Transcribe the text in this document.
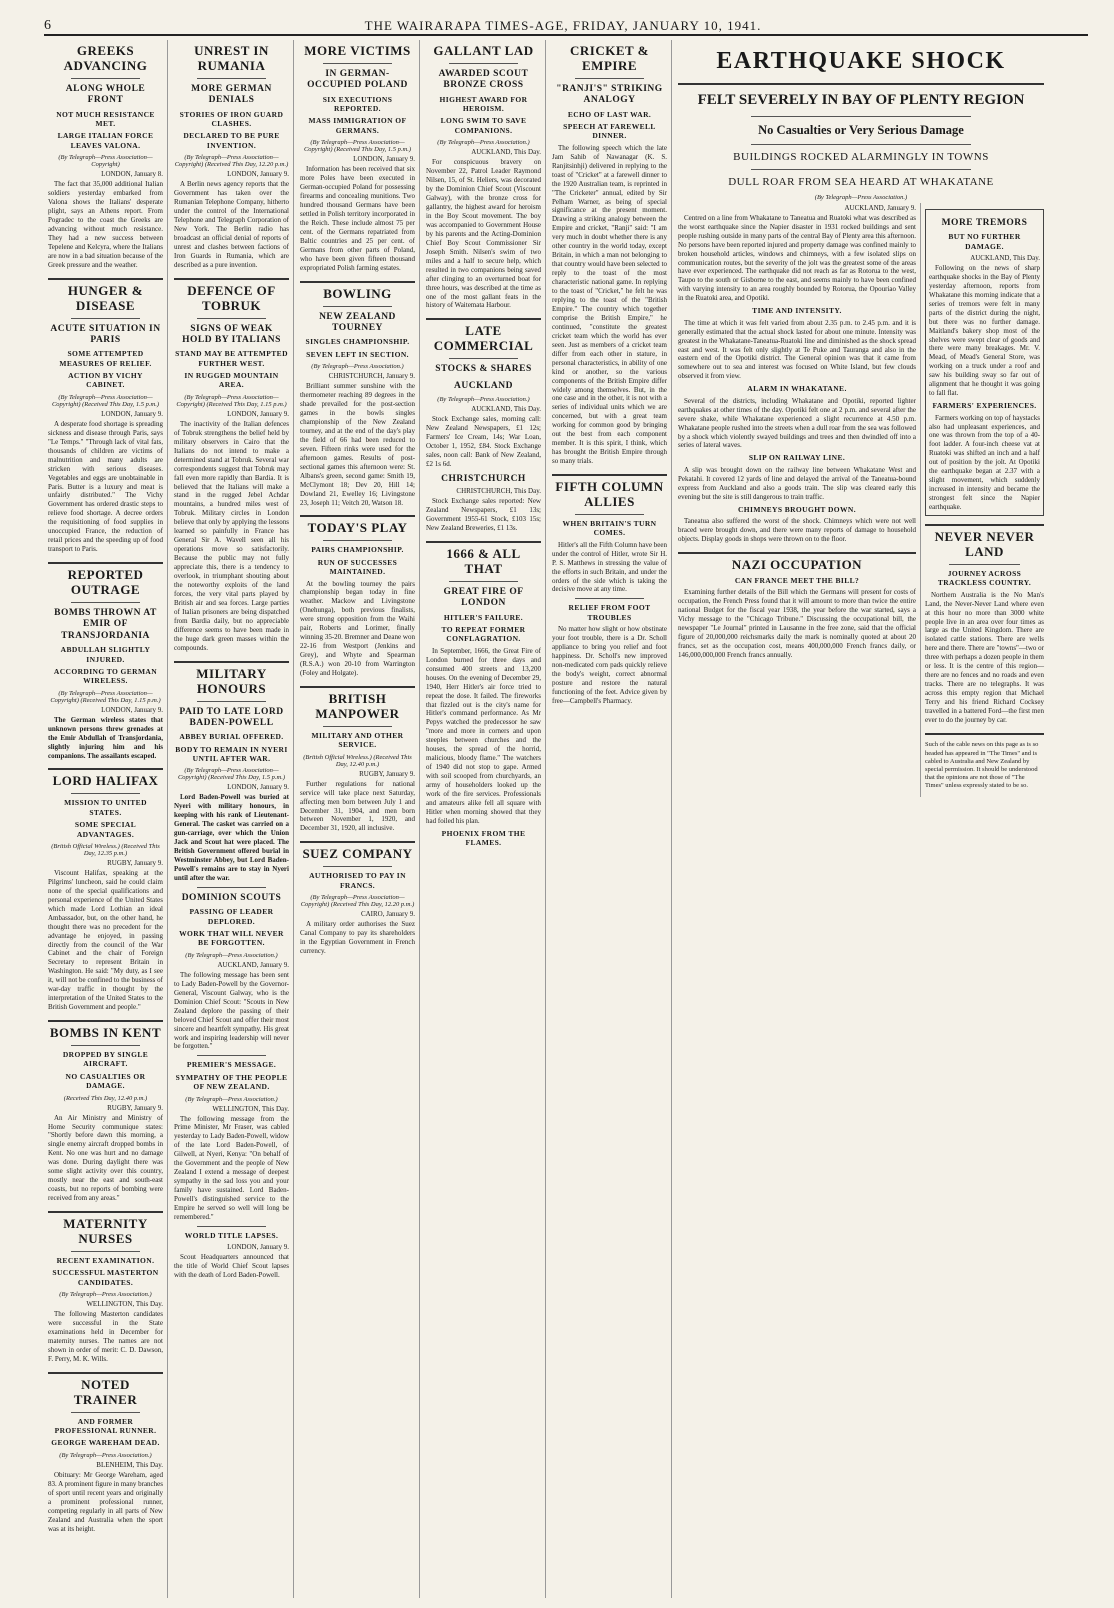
6	THE WAIRARAPA TIMES-AGE, FRIDAY, JANUARY 10, 1941.
GREEKS ADVANCING
ALONG WHOLE FRONT
NOT MUCH RESISTANCE MET.
LARGE ITALIAN FORCE LEAVES VALONA.
(By Telegraph—Press Association—Copyright)
LONDON, January 8.

The fact that 35,000 additional Italian soldiers yesterday embarked from Valona shows the Italians' desperate plight, says an Athens report. From Pogradec to the coast the Greeks are advancing without much resistance. They had a new success between Tepelene and Kelcyra, where the Italians are now in a bad situation because of the Greek pressure and the weather.

HUNGER & DISEASE
ACUTE SITUATION IN PARIS
SOME ATTEMPTED MEASURES OF RELIEF.
ACTION BY VICHY CABINET.
(By Telegraph—Press Association—Copyright) (Received This Day, 1.5 p.m.)
LONDON, January 9.

A desperate food shortage is spreading sickness and disease through Paris, says "Le Temps." "Through lack of vital fats, thousands of children are victims of malnutrition and many adults are stricken with serious diseases. Vegetables and eggs are unobtainable in Paris. Butter is a luxury and meat is unfairly distributed." The Vichy Government has ordered drastic steps to relieve food shortage. A decree orders the requisitioning of food supplies in unoccupied France, the reduction of retail prices and the speeding up of food transport to Paris.

REPORTED OUTRAGE
BOMBS THROWN AT EMIR OF TRANSJORDANIA
ABDULLAH SLIGHTLY INJURED.
ACCORDING TO GERMAN WIRELESS.
(By Telegraph—Press Association—Copyright) (Received This Day, 1.15 p.m.)
LONDON, January 9.

The German wireless states that unknown persons threw grenades at the Emir Abdullah of Transjordania, slightly injuring him and his companions. The assailants escaped.

LORD HALIFAX
MISSION TO UNITED STATES.
SOME SPECIAL ADVANTAGES.
(British Official Wireless.) (Received This Day, 12.35 p.m.)
RUGBY, January 9.

Viscount Halifax, speaking at the Pilgrims' luncheon, said he could claim none of the special qualifications and personal experience of the United States which made Lord Lothian an ideal Ambassador, but, on the other hand, he thought there was no precedent for the advantage he enjoyed, in passing directly from the council of the War Cabinet and the chair of Foreign Secretary to represent Britain in Washington. He said: "My duty, as I see it, will not be confined to the business of war-day traffic in thought by the interpretation of the United States to the British Government and people."

BOMBS IN KENT
DROPPED BY SINGLE AIRCRAFT.
NO CASUALTIES OR DAMAGE.
(Received This Day, 12.40 p.m.)
RUGBY, January 9.

An Air Ministry and Ministry of Home Security communique states: "Shortly before dawn this morning, a single enemy aircraft dropped bombs in Kent. No one was hurt and no damage was done. During daylight there was some slight activity over this country, mostly near the east and south-east coasts, but no reports of bombing were received from any areas."

MATERNITY NURSES
RECENT EXAMINATION.
SUCCESSFUL MASTERTON CANDIDATES.
(By Telegraph—Press Association.)
WELLINGTON, This Day.

The following Masterton candidates were successful in the State examinations held in December for maternity nurses. The names are not shown in order of merit: C. D. Dawson, F. Perry, M. K. Wills.

NOTED TRAINER
AND FORMER PROFESSIONAL RUNNER.
GEORGE WAREHAM DEAD.
(By Telegraph—Press Association.)
BLENHEIM, This Day.

Obituary: Mr George Wareham, aged 83. A prominent figure in many branches of sport until recent years and originally a prominent professional runner, competing regularly in all parts of New Zealand and Australia when the sport was at its height.

UNREST IN RUMANIA
MORE GERMAN DENIALS
STORIES OF IRON GUARD CLASHES.
DECLARED TO BE PURE INVENTION.
(By Telegraph—Press Association—Copyright) (Received This Day, 12.20 p.m.)
LONDON, January 9.

A Berlin news agency reports that the Government has taken over the Rumanian Telephone Company, hitherto under the control of the International Telephone and Telegraph Corporation of New York. The Berlin radio has broadcast an official denial of reports of unrest and clashes between factions of Iron Guards in Rumania, which are described as a pure invention.

DEFENCE OF TOBRUK
SIGNS OF WEAK HOLD BY ITALIANS
STAND MAY BE ATTEMPTED FURTHER WEST.
IN RUGGED MOUNTAIN AREA.
(By Telegraph—Press Association—Copyright) (Received This Day, 1.15 p.m.)
LONDON, January 9.

The inactivity of the Italian defences of Tobruk strengthens the belief held by military observers in Cairo that the Italians do not intend to make a determined stand at Tobruk. Several war correspondents suggest that Tobruk may fall even more rapidly than Bardia. It is believed that the Italians will make a stand in the rugged Jebel Achdar mountains, a hundred miles west of Tobruk. Military circles in London believe that only by applying the lessons learned so painfully in France has General Sir A. Wavell seen all his operations move so satisfactorily. Because the public may not fully appreciate this, there is a tendency to overlook, in triumphant shouting about the noteworthy exploits of the land forces, the very vital parts played by British air and sea forces. Large parties of Italian prisoners are being dispatched from Bardia daily, but no appreciable difference seems to have been made in the huge dark green masses within the compounds.

MILITARY HONOURS
PAID TO LATE LORD BADEN-POWELL
ABBEY BURIAL OFFERED.
BODY TO REMAIN IN NYERI UNTIL AFTER WAR.
(By Telegraph—Press Association—Copyright) (Received This Day, 1.5 p.m.)
LONDON, January 9.

Lord Baden-Powell was buried at Nyeri with military honours, in keeping with his rank of Lieutenant-General. The casket was carried on a gun-carriage, over which the Union Jack and Scout hat were placed. The British Government offered burial in Westminster Abbey, but Lord Baden-Powell's remains are to stay in Nyeri until after the war.

DOMINION SCOUTS
PASSING OF LEADER DEPLORED.
WORK THAT WILL NEVER BE FORGOTTEN.
(By Telegraph—Press Association.)
AUCKLAND, January 9.

The following message has been sent to Lady Baden-Powell by the Governor-General, Viscount Galway, who is the Dominion Chief Scout: "Scouts in New Zealand deplore the passing of their beloved Chief Scout and offer their most sincere and heartfelt sympathy. His great work and inspiring leadership will never be forgotten."

PREMIER'S MESSAGE.
SYMPATHY OF THE PEOPLE OF NEW ZEALAND.
(By Telegraph—Press Association.)
WELLINGTON, This Day.

The following message from the Prime Minister, Mr Fraser, was cabled yesterday to Lady Baden-Powell, widow of the late Lord Baden-Powell, of Gilwell, at Nyeri, Kenya: "On behalf of the Government and the people of New Zealand I extend a message of deepest sympathy in the sad loss you and your family have sustained. Lord Baden-Powell's distinguished service to the Empire he served so well will long be remembered."

WORLD TITLE LAPSES.
LONDON, January 9.

Scout Headquarters announced that the title of World Chief Scout lapses with the death of Lord Baden-Powell.

MORE VICTIMS
IN GERMAN-OCCUPIED POLAND
SIX EXECUTIONS REPORTED.
MASS IMMIGRATION OF GERMANS.
(By Telegraph—Press Association—Copyright) (Received This Day, 1.5 p.m.)
LONDON, January 9.

Information has been received that six more Poles have been executed in German-occupied Poland for possessing firearms and concealing munitions. Two hundred thousand Germans have been settled in Polish territory incorporated in the Reich. These include almost 75 per cent. of the Germans repatriated from Baltic countries and 25 per cent. of Germans from other parts of Poland, who have been given fifteen thousand expropriated Polish farming estates.

BOWLING
NEW ZEALAND TOURNEY
SINGLES CHAMPIONSHIP.
SEVEN LEFT IN SECTION.
(By Telegraph—Press Association.)
CHRISTCHURCH, January 9.

Brilliant summer sunshine with the thermometer reaching 89 degrees in the shade prevailed for the post-section games in the bowls singles championship of the New Zealand tourney, and at the end of the day's play the field of 66 had been reduced to seven. Fifteen rinks were used for the afternoon games. Results of post-sectional games this afternoon were: St. Albans's green, second game: Smith 19, McClymont 18; Dev 20, Hill 14; Dowland 21, Ewelley 16; Livingstone 23, Joseph 11; Veitch 20, Watson 18.

TODAY'S PLAY
PAIRS CHAMPIONSHIP.
RUN OF SUCCESSES MAINTAINED.

At the bowling tourney the pairs championship began today in fine weather. Mackow and Livingstone (Onehunga), both previous finalists, were strong opposition from the Waihi pair, Roberts and Lorimer, finally winning 35-20. Bremner and Deane won 22-16 from Westport (Jenkins and Grey), and Whyte and Spearman (R.S.A.) won 20-10 from Warrington (Foley and Holgate).

BRITISH MANPOWER
MILITARY AND OTHER SERVICE.
(British Official Wireless.) (Received This Day, 12.40 p.m.)
RUGBY, January 9.

Further regulations for national service will take place next Saturday, affecting men born between July 1 and December 31, 1904, and men born between November 1, 1920, and December 31, 1920, all inclusive.

SUEZ COMPANY
AUTHORISED TO PAY IN FRANCS.
(By Telegraph—Press Association—Copyright) (Received This Day, 12.20 p.m.)
CAIRO, January 9.

A military order authorises the Suez Canal Company to pay its shareholders in the Egyptian Government in French currency.

GALLANT LAD
AWARDED SCOUT BRONZE CROSS
HIGHEST AWARD FOR HEROISM.
LONG SWIM TO SAVE COMPANIONS.
(By Telegraph—Press Association.)
AUCKLAND, This Day.

For conspicuous bravery on November 22, Patrol Leader Raymond Nilsen, 15, of St. Heliers, was decorated by the Dominion Chief Scout (Viscount Galway), with the bronze cross for gallantry, the highest award for heroism in the Boy Scout movement. The boy was accompanied to Government House by his parents and the Acting-Dominion Chief Boy Scout Commissioner Sir Joseph Smith. Nilsen's swim of two miles and a half to secure help, which resulted in two companions being saved after clinging to an overturned boat for three hours, was described at the time as one of the most gallant feats in the history of Waitemata Harbour.

LATE COMMERCIAL
STOCKS & SHARES
AUCKLAND
(By Telegraph—Press Association.)
AUCKLAND, This Day.

Stock Exchange sales, morning call: New Zealand Newspapers, £1 12s; Farmers' Ice Cream, 14s; War Loan, October 1, 1952, £84. Stock Exchange sales, noon call: Bank of New Zealand, £2 1s 6d.

CHRISTCHURCH
CHRISTCHURCH, This Day.

Stock Exchange sales reported: New Zealand Newspapers, £1 13s; Government 1955-61 Stock, £103 15s; New Zealand Breweries, £1 13s.

1666 & ALL THAT
GREAT FIRE OF LONDON
HITLER'S FAILURE.
TO REPEAT FORMER CONFLAGRATION.

In September, 1666, the Great Fire of London burned for three days and consumed 400 streets and 13,200 houses. On the evening of December 29, 1940, Herr Hitler's air force tried to repeat the dose. It failed. The fireworks that fizzled out is the city's name for Hitler's command performance. As Mr Pepys watched the predecessor he saw "more and more in corners and upon steeples between churches and the houses, the spread of the horrid, malicious, bloody flame." The watchers of 1940 did not stop to gape. Armed with soil scooped from churchyards, an army of householders looked up the work of the fire services. Professionals and amateurs alike fell all square with Hitler when morning showed that they had foiled his plan.

PHOENIX FROM THE FLAMES.
CRICKET & EMPIRE
"RANJI'S" STRIKING ANALOGY
ECHO OF LAST WAR.
SPEECH AT FAREWELL DINNER.

The following speech which the late Jam Sahib of Nawanagar (K. S. Ranjitsinhji) delivered in replying to the toast of "Cricket" at a farewell dinner to the 1920 Australian team, is reprinted in "The Cricketer" annual, edited by Sir Pelham Warner, as being of special significance at the present moment. Drawing a striking analogy between the Empire and cricket, "Ranji" said: "I am very much in doubt whether there is any other country in the world today, except Britain, in which a man not belonging to that country would have been selected to reply to the toast of the most characteristic national game. In replying to the toast of "Cricket," he felt he was replying to the toast of the "British Empire." The country which together comprise the British Empire," he continued, "constitute the greatest cricket team which the world has ever seen. Just as members of a cricket team differ from each other in stature, in personal characteristics, in ability of one kind or another, so the various components of the British Empire differ widely among themselves. But, in the one case and in the other, it is not with a series of individual units which we are concerned, but with a great team working for common good by bringing out the best from each component member. It is this spirit, I think, which has brought the British Empire through so many trials.

FIFTH COLUMN ALLIES
WHEN BRITAIN'S TURN COMES.

Hitler's all the Fifth Column have been under the control of Hitler, wrote Sir H. P. S. Matthews in stressing the value of the efforts in such Britain, and under the orders of the side which is taking the decisive move at any time.

RELIEF FROM FOOT TROUBLES

No matter how slight or how obstinate your foot trouble, there is a Dr. Scholl appliance to bring you relief and foot happiness. Dr. Scholl's new improved non-medicated corn pads quickly relieve the body's weight, correct abnormal posture and restore the natural functioning of the feet. Advice given by free—Campbell's Pharmacy.

EARTHQUAKE SHOCK
FELT SEVERELY IN BAY OF PLENTY REGION
No Casualties or Very Serious Damage
BUILDINGS ROCKED ALARMINGLY IN TOWNS
DULL ROAR FROM SEA HEARD AT WHAKATANE
(By Telegraph—Press Association.)
AUCKLAND, January 9.

Centred on a line from Whakatane to Taneatua and Ruatoki what was described as the worst earthquake since the Napier disaster in 1931 rocked buildings and sent people rushing outside in many parts of the central Bay of Plenty area this afternoon. No persons have been reported injured and property damage was confined mainly to broken household articles, windows and chimneys, with a few isolated slips on communication routes, but the severity of the jolt was the greatest some of the areas have ever experienced. The earthquake did not reach as far as Rotorua to the west, Taupo to the south or Gisborne to the east, and seems mainly to have been confined with varying intensity to an area roughly bounded by Rotorua, the Opouriao Valley in the Ruatoki area, and Opotiki.

TIME AND INTENSITY.

The time at which it was felt varied from about 2.35 p.m. to 2.45 p.m. and it is generally estimated that the actual shock lasted for about one minute. Intensity was greatest in the Whakatane-Taneatua-Ruatoki line and diminished as the shock spread east and west. It was felt only slightly at Te Puke and Tauranga and also in the eastern end of the Opotiki district. The General opinion was that it came from somewhere out to sea and interest was focused on White Island, but few clouds observed it from view.

ALARM IN WHAKATANE.

Several of the districts, including Whakatane and Opotiki, reported lighter earthquakes at other times of the day. Opotiki felt one at 2 p.m. and several after the severe shake, while Whakatane experienced a slight recurrence at 4.50 p.m. Whakatane people rushed into the streets when a dull roar from the sea was followed by a shock which violently swayed buildings and trees and then dwindled off into a series of lateral waves.

SLIP ON RAILWAY LINE.

A slip was brought down on the railway line between Whakatane West and Pekatahi. It covered 12 yards of line and delayed the arrival of the Taneatua-bound express from Auckland and also a goods train. The slip was cleared early this evening but the site is still dangerous to train traffic.

CHIMNEYS BROUGHT DOWN.

Taneatua also suffered the worst of the shock. Chimneys which were not well braced were brought down, and there were many reports of damage to household objects. Display goods in shops were thrown on to the floor.

NAZI OCCUPATION
CAN FRANCE MEET THE BILL?

Examining further details of the Bill which the Germans will present for costs of occupation, the French Press found that it will amount to more than twice the entire national Budget for the fiscal year 1938, the year before the war started, says a Vichy message to the "Chicago Tribune." Discussing the occupational bill, the newspaper "Le Journal" printed in Lausanne in the free zone, said that the official figure of 20,000,000 reichsmarks daily the mark is nominally quoted at about 20 francs, set as the occupation cost, means 400,000,000 French francs daily, or 146,000,000,000 French francs annually.

MORE TREMORS
BUT NO FURTHER DAMAGE.
AUCKLAND, This Day.

Following on the news of sharp earthquake shocks in the Bay of Plenty yesterday afternoon, reports from Whakatane this morning indicate that a series of tremors were felt in many parts of the district during the night, but there was no further damage. Maitland's bakery shop most of the shelves were swept clear of goods and there were many breakages. Mr. V. Mead, of Mead's General Store, was working on a truck under a roof and saw his building sway so far out of alignment that he thought it was going to fall flat.

FARMERS' EXPERIENCES.

Farmers working on top of haystacks also had unpleasant experiences, and one was thrown from the top of a 40-foot ladder. A four-inch cheese vat at Ruatoki was shifted an inch and a half out of position by the jolt. At Opotiki the earthquake began at 2.37 with a slight movement, which suddenly increased in intensity and became the strongest felt since the Napier earthquake.

NEVER NEVER LAND
JOURNEY ACROSS TRACKLESS COUNTRY.

Northern Australia is the No Man's Land, the Never-Never Land where even at this hour no more than 3000 white people live in an area over four times as large as the United Kingdom. There are isolated cattle stations. There are wells here and there. There are "towns"—two or three with perhaps a dozen people in them or less. It is the centre of this region—there are no fences and no roads and even tracks. There are no telegraphs. It was across this empty region that Michael Terry and his friend Richard Cocksey travelled in a battered Ford—the first men ever to do the journey by car.

Such of the cable news on this page as is so headed has appeared in "The Times" and is cabled to Australia and New Zealand by special permission. It should be understood that the opinions are not those of "The Times" unless expressly stated to be so.
